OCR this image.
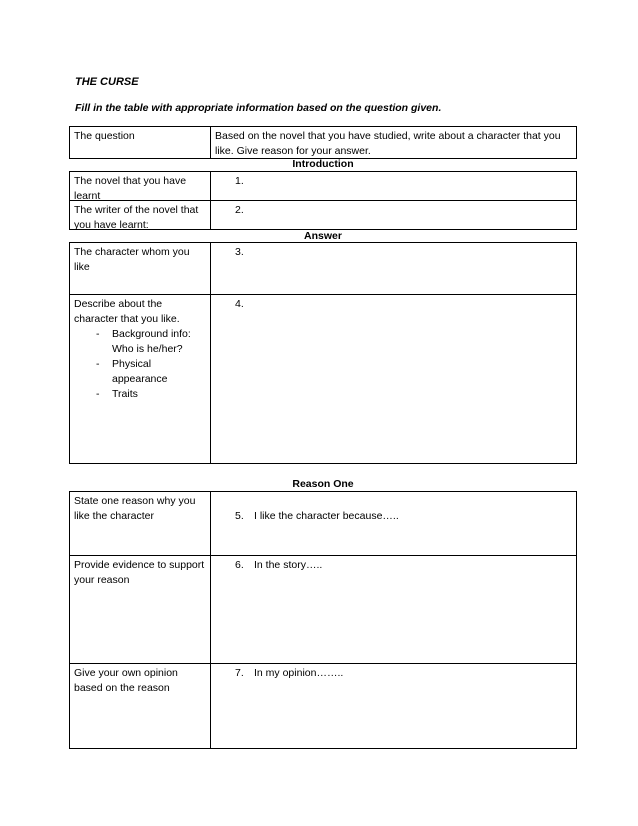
THE CURSE
Fill in the table with appropriate information based on the question given.
The question	Based on the novel that you have studied, write about a character that you like. Give reason for your answer.
Introduction
The novel that you have learnt
1.
The writer of the novel that you have learnt:
2.
Answer
The character whom you like
3.
Describe about the character that you like.
- Background info: Who is he/her?
- Physical appearance
- Traits
4.
Reason One
State one reason why you like the character	5. I like the character because…..
Provide evidence to support your reason
6. In the story…..
Give your own opinion based on the reason
7. In my opinion……..
